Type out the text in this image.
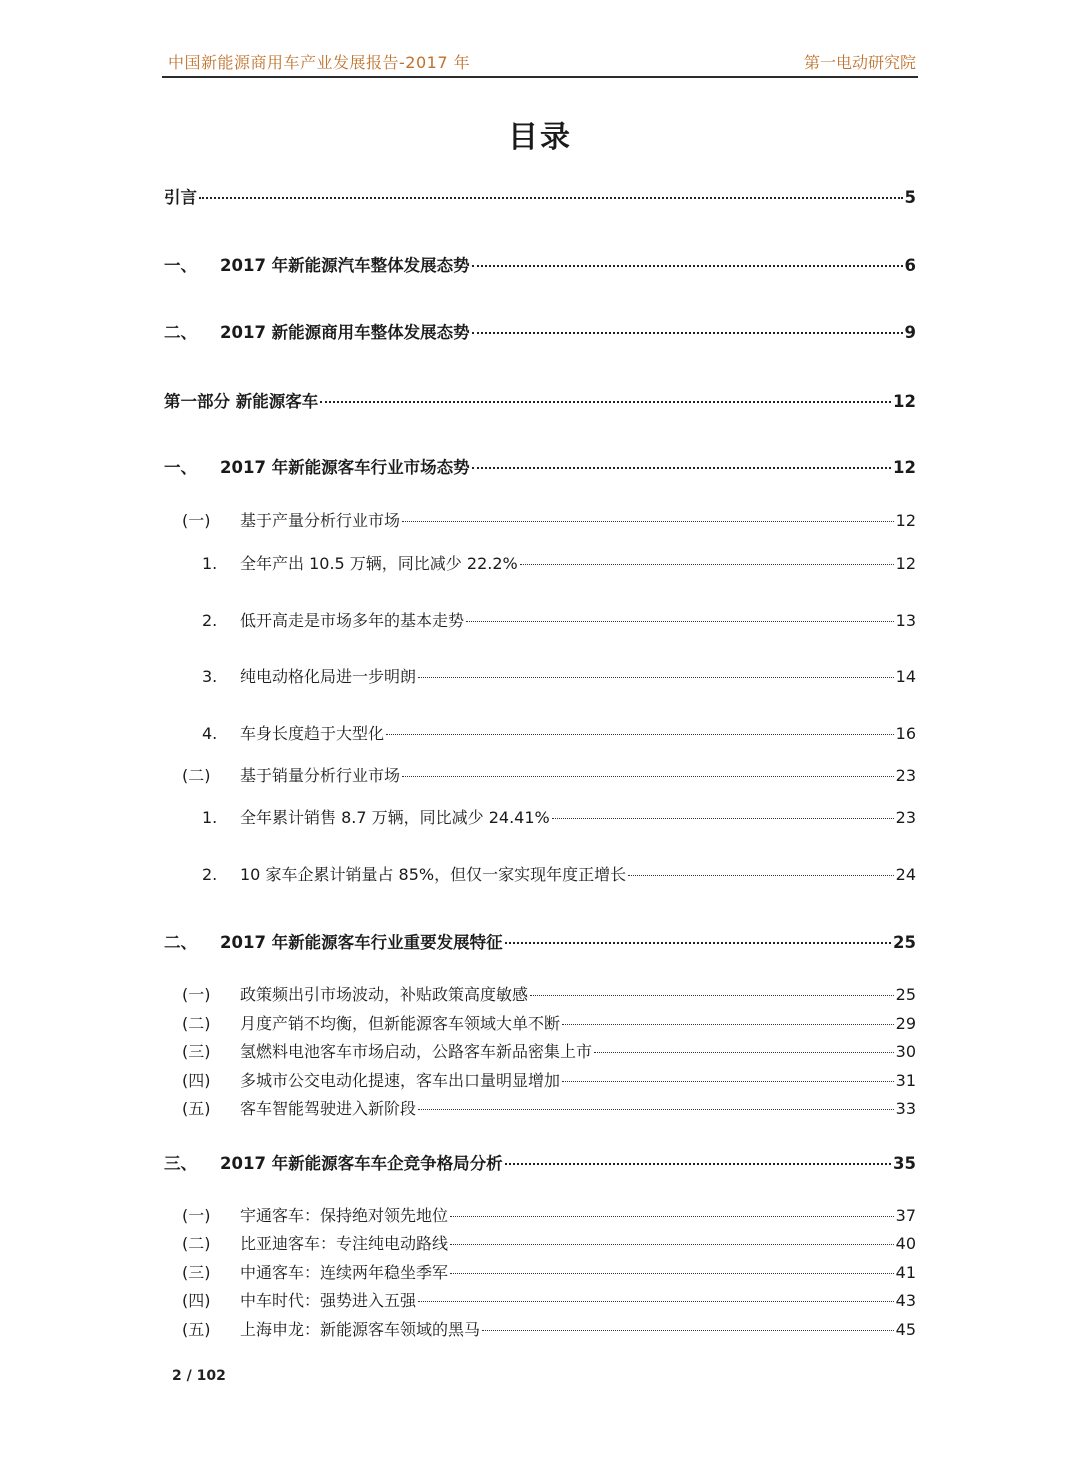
中国新能源商用车产业发展报告-2017 年	第一电动研究院
目录
引言	5
一、	2017 年新能源汽车整体发展态势	6
二、	2017 新能源商用车整体发展态势	9
第一部分 新能源客车	12
一、	2017 年新能源客车行业市场态势	12
(一)	基于产量分析行业市场	12
1.	全年产出 10.5 万辆，同比减少 22.2%	12
2.	低开高走是市场多年的基本走势	13
3.	纯电动格化局进一步明朗	14
4.	车身长度趋于大型化	16
(二)	基于销量分析行业市场	23
1.	全年累计销售 8.7 万辆，同比减少 24.41%	23
2.	10 家车企累计销量占 85%，但仅一家实现年度正增长	24
二、	2017 年新能源客车行业重要发展特征	25
(一)	政策频出引市场波动，补贴政策高度敏感	25
(二)	月度产销不均衡，但新能源客车领域大单不断	29
(三)	氢燃料电池客车市场启动，公路客车新品密集上市	30
(四)	多城市公交电动化提速，客车出口量明显增加	31
(五)	客车智能驾驶进入新阶段	33
三、	2017 年新能源客车车企竞争格局分析	35
(一)	宇通客车：保持绝对领先地位	37
(二)	比亚迪客车：专注纯电动路线	40
(三)	中通客车：连续两年稳坐季军	41
(四)	中车时代：强势进入五强	43
(五)	上海申龙：新能源客车领域的黑马	45
2 / 102
